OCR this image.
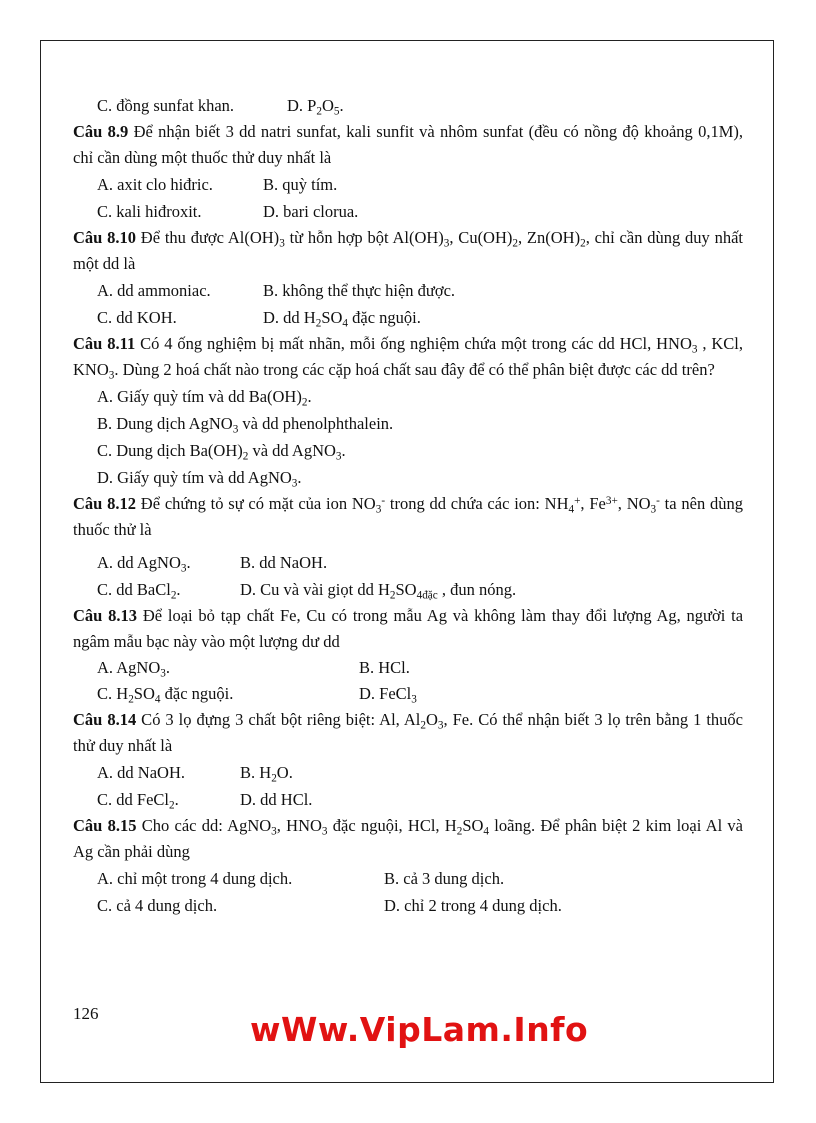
C. đồng sunfat khan.	D. $P_2O_5$.
Câu 8.9 Để nhận biết 3 dd natri sunfat, kali sunfit và nhôm sunfat (đều có nồng độ khoảng 0,1M), chỉ cần dùng một thuốc thử duy nhất là
A. axit clo hiđric.	B. quỳ tím.
C. kali hiđroxit.	D. bari clorua.
Câu 8.10 Để thu được $Al(OH)_3$ từ hỗn hợp bột $Al(OH)_3$, $Cu(OH)_2$, $Zn(OH)_2$, chỉ cần dùng duy nhất một dd là
A. dd ammoniac.	B. không thể thực hiện được.
C. dd KOH.	D. dd $H_2SO_4$ đặc nguội.
Câu 8.11 Có 4 ống nghiệm bị mất nhãn, mỗi ống nghiệm chứa một trong các dd HCl, $HNO_3$ , KCl, $KNO_3$. Dùng 2 hoá chất nào trong các cặp hoá chất sau đây để có thể phân biệt được các dd trên?
A. Giấy quỳ tím và dd $Ba(OH)_2$.
B. Dung dịch AgNO$_3$ và dd phenolphthalein.
C. Dung dịch $Ba(OH)_2$ và dd AgNO$_3$.
D. Giấy quỳ tím và dd AgNO$_3$.
Câu 8.12 Để chứng tỏ sự có mặt của ion $NO_3^-$ trong dd chứa các ion: $NH_4^+$, $Fe^{3+}$, $NO_3^-$ ta nên dùng thuốc thử là
A. dd AgNO$_3$.	B. dd NaOH.
C. dd BaCl$_2$.	D. Cu và vài giọt dd $H_2SO_{4đặc}$ , đun nóng.
Câu 8.13 Để loại bỏ tạp chất Fe, Cu có trong mẫu Ag và không làm thay đổi lượng Ag, người ta ngâm mẫu bạc này vào một lượng dư dd
A. AgNO$_3$.	B. HCl.
C. $H_2SO_4$ đặc nguội.	D. FeCl$_3$
Câu 8.14 Có 3 lọ đựng 3 chất bột riêng biệt: Al, $Al_2O_3$, Fe. Có thể nhận biết 3 lọ trên bằng 1 thuốc thử duy nhất là
A. dd NaOH.	B. $H_2O$.
C. dd FeCl$_2$.	D. dd HCl.
Câu 8.15 Cho các dd: AgNO$_3$, $HNO_3$ đặc nguội, HCl, $H_2SO_4$ loãng. Để phân biệt 2 kim loại Al và Ag cần phải dùng
A. chỉ một trong 4 dung dịch.	B. cả 3 dung dịch.
C. cả 4 dung dịch.	D. chỉ 2 trong 4 dung dịch.
126	wWw.VipLam.Info
